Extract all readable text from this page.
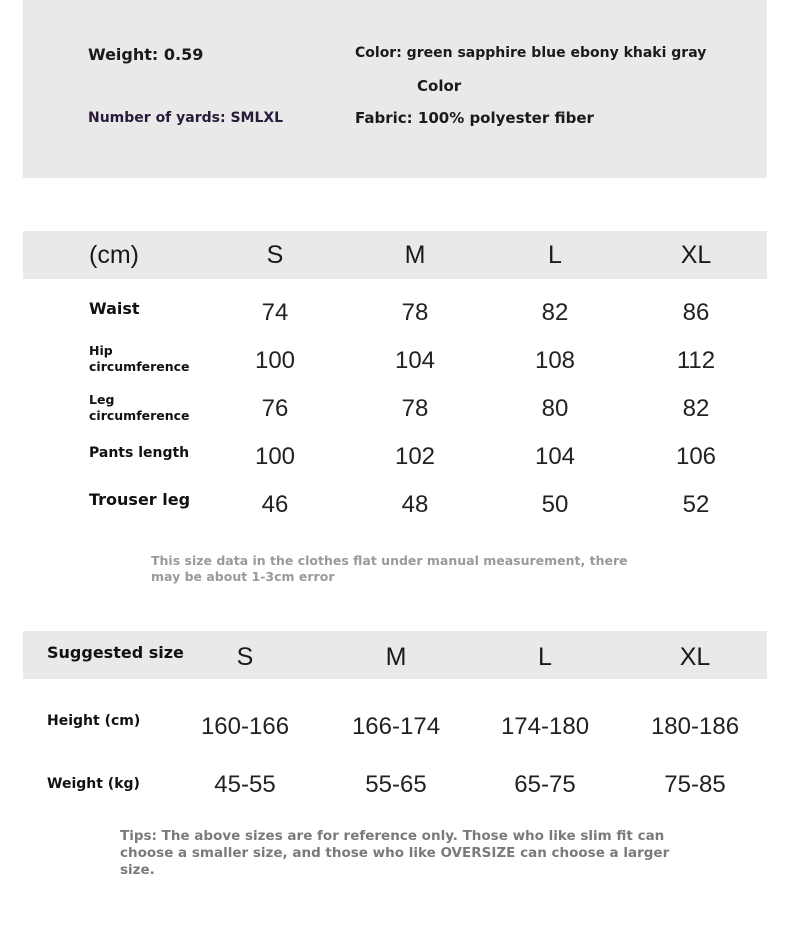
Weight: 0.59	Color: green sapphire blue ebony khaki gray
Color
Number of yards: SMLXL	Fabric: 100% polyester fiber
(cm)	S	M	L	XL
Waist	74	78	82	86
Hip
circumference	100	104	108	112
Leg
circumference	76	78	80	82
Pants length	100	102	104	106
Trouser leg	46	48	50	52
This size data in the clothes flat under manual measurement, there may be about 1-3cm error
Suggested size S	M	L	XL
Height (cm)	160-166	166-174	174-180	180-186
Weight (kg)	45-55	55-65	65-75	75-85
Tips: The above sizes are for reference only. Those who like slim fit can choose a smaller size, and those who like OVERSIZE can choose a larger size.
